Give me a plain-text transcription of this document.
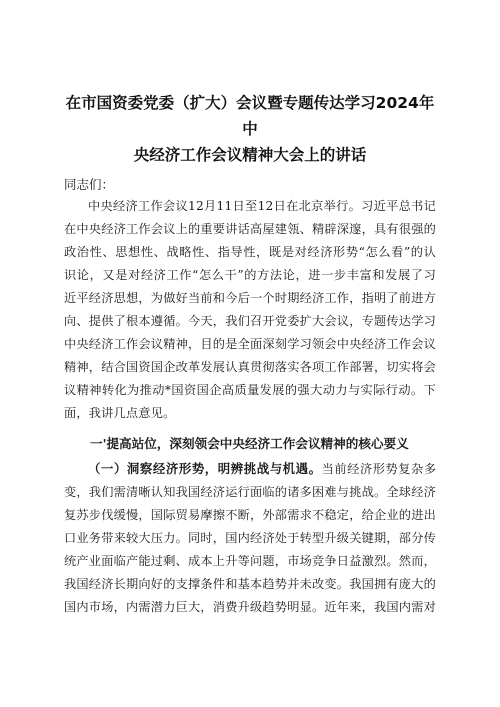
在市国资委党委（扩大）会议暨专题传达学习2024年中
央经济工作会议精神大会上的讲话
同志们：
中央经济工作会议12月11日至12日在北京举行。习近平总书记
在中央经济工作会议上的重要讲话高屋建瓴、精辟深邃，具有很强的
政治性、思想性、战略性、指导性，既是对经济形势“怎么看”的认
识论，又是对经济工作“怎么干”的方法论，进一步丰富和发展了习
近平经济思想，为做好当前和今后一个时期经济工作，指明了前进方
向、提供了根本遵循。今天，我们召开党委扩大会议，专题传达学习
中央经济工作会议精神，目的是全面深刻学习领会中央经济工作会议
精神，结合国资国企改革发展认真贯彻落实各项工作部署，切实将会
议精神转化为推动*国资国企高质量发展的强大动力与实际行动。下
面，我讲几点意见。
一'提高站位，深刻领会中央经济工作会议精神的核心要义
（一）洞察经济形势，明辨挑战与机遇。当前经济形势复杂多
变，我们需清晰认知我国经济运行面临的诸多困难与挑战。全球经济
复苏步伐缓慢，国际贸易摩擦不断，外部需求不稳定，给企业的进出
口业务带来较大压力。同时，国内经济处于转型升级关键期，部分传
统产业面临产能过剩、成本上升等问题，市场竞争日益激烈。然而，
我国经济长期向好的支撑条件和基本趋势并未改变。我国拥有庞大的
国内市场，内需潜力巨大，消费升级趋势明显。近年来，我国内需对
